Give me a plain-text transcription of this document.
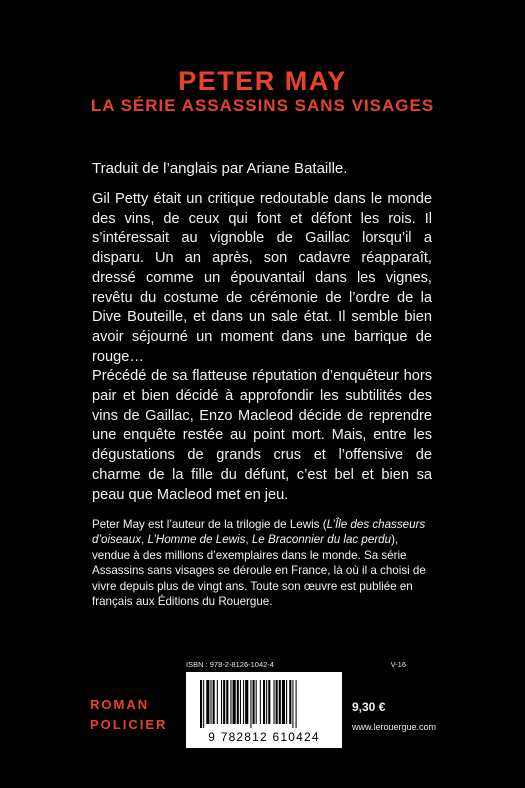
PETER MAY
LA SÉRIE ASSASSINS SANS VISAGES
Traduit de l’anglais par Ariane Bataille.

Gil Petty était un critique redoutable dans le monde des vins, de ceux qui font et défont les rois. Il s’intéressait au vignoble de Gaillac lorsqu’il a disparu. Un an après, son cadavre réapparaît, dressé comme un épouvantail dans les vignes, revêtu du costume de cérémonie de l’ordre de la Dive Bouteille, et dans un sale état. Il semble bien avoir séjourné un moment dans une barrique de rouge…

Précédé de sa flatteuse réputation d’enquêteur hors pair et bien décidé à approfondir les subtilités des vins de Gaillac, Enzo Macleod décide de reprendre une enquête restée au point mort. Mais, entre les dégustations de grands crus et l’offensive de charme de la fille du défunt, c’est bel et bien sa peau que Macleod met en jeu.

Peter May est l’auteur de la trilogie de Lewis (L’Île des chasseurs d’oiseaux, L’Homme de Lewis, Le Braconnier du lac perdu), vendue à des millions d’exemplaires dans le monde. Sa série Assassins sans visages se déroule en France, là où il a choisi de vivre depuis plus de vingt ans. Toute son œuvre est publiée en français aux Éditions du Rouergue.

ISBN : 978-2-8126-1042-4	V-16
9 782812 610424
ROMAN
POLICIER
9,30 €
www.lerouergue.com
